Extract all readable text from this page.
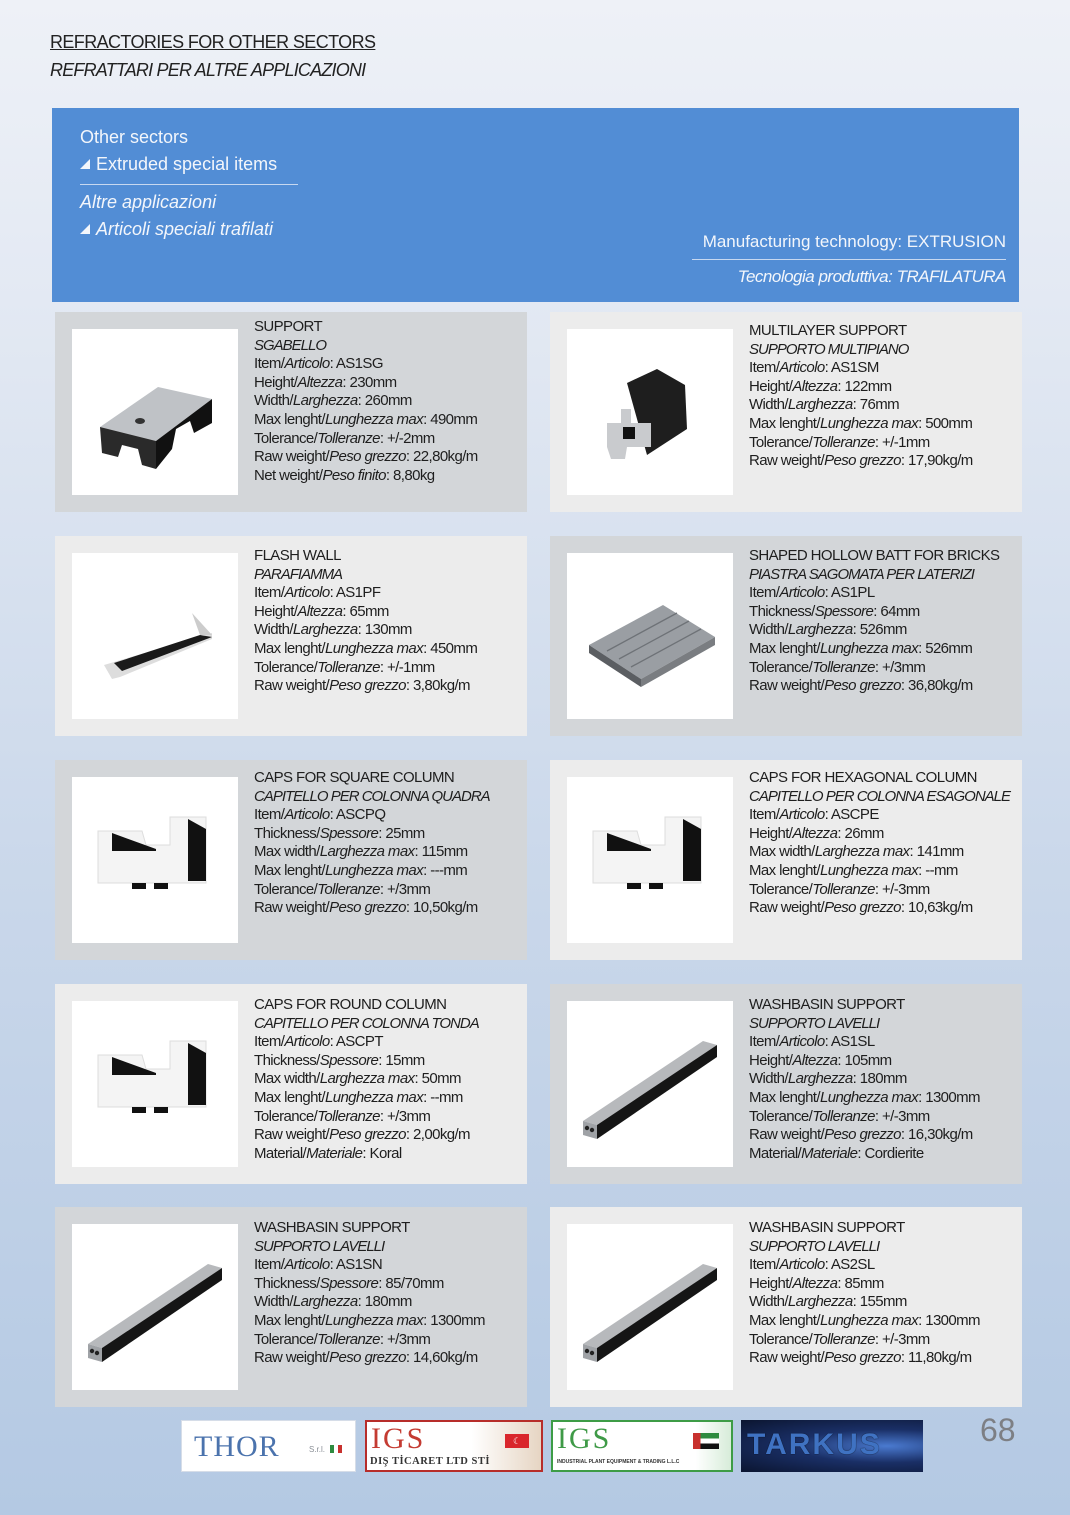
REFRACTORIES FOR OTHER SECTORS
REFRATTARI PER ALTRE APPLICAZIONI
Other sectors
Extruded special items
Altre applicazioni
Articoli speciali trafilati
Manufacturing technology: EXTRUSION
Tecnologia produttiva: TRAFILATURA
SUPPORT
SGABELLO
Item/Articolo: AS1SG
Height/Altezza: 230mm
Width/Larghezza: 260mm
Max lenght/Lunghezza max: 490mm
Tolerance/Tolleranze: +/-2mm
Raw weight/Peso grezzo: 22,80kg/m
Net weight/Peso finito: 8,80kg
MULTILAYER SUPPORT
SUPPORTO MULTIPIANO
Item/Articolo: AS1SM
Height/Altezza: 122mm
Width/Larghezza: 76mm
Max lenght/Lunghezza max: 500mm
Tolerance/Tolleranze: +/-1mm
Raw weight/Peso grezzo: 17,90kg/m
FLASH WALL
PARAFIAMMA
Item/Articolo: AS1PF
Height/Altezza: 65mm
Width/Larghezza: 130mm
Max lenght/Lunghezza max: 450mm
Tolerance/Tolleranze: +/-1mm
Raw weight/Peso grezzo: 3,80kg/m
SHAPED HOLLOW BATT FOR BRICKS
PIASTRA SAGOMATA PER LATERIZI
Item/Articolo: AS1PL
Thickness/Spessore: 64mm
Width/Larghezza: 526mm
Max lenght/Lunghezza max: 526mm
Tolerance/Tolleranze: +/3mm
Raw weight/Peso grezzo: 36,80kg/m
CAPS FOR SQUARE COLUMN
CAPITELLO PER COLONNA QUADRA
Item/Articolo: ASCPQ
Thickness/Spessore: 25mm
Max width/Larghezza max: 115mm
Max lenght/Lunghezza max: ---mm
Tolerance/Tolleranze: +/3mm
Raw weight/Peso grezzo: 10,50kg/m
CAPS FOR HEXAGONAL COLUMN
CAPITELLO PER COLONNA ESAGONALE
Item/Articolo: ASCPE
Height/Altezza: 26mm
Max width/Larghezza max: 141mm
Max lenght/Lunghezza max: --mm
Tolerance/Tolleranze: +/-3mm
Raw weight/Peso grezzo: 10,63kg/m
CAPS FOR ROUND COLUMN
CAPITELLO PER COLONNA TONDA
Item/Articolo: ASCPT
Thickness/Spessore: 15mm
Max width/Larghezza max: 50mm
Max lenght/Lunghezza max: --mm
Tolerance/Tolleranze: +/3mm
Raw weight/Peso grezzo: 2,00kg/m
Material/Materiale: Koral
WASHBASIN SUPPORT
SUPPORTO LAVELLI
Item/Articolo: AS1SL
Height/Altezza: 105mm
Width/Larghezza: 180mm
Max lenght/Lunghezza max: 1300mm
Tolerance/Tolleranze: +/-3mm
Raw weight/Peso grezzo: 16,30kg/m
Material/Materiale: Cordierite
WASHBASIN SUPPORT
SUPPORTO LAVELLI
Item/Articolo: AS1SN
Thickness/Spessore: 85/70mm
Width/Larghezza: 180mm
Max lenght/Lunghezza max: 1300mm
Tolerance/Tolleranze: +/3mm
Raw weight/Peso grezzo: 14,60kg/m
WASHBASIN SUPPORT
SUPPORTO LAVELLI
Item/Articolo: AS2SL
Height/Altezza: 85mm
Width/Larghezza: 155mm
Max lenght/Lunghezza max: 1300mm
Tolerance/Tolleranze: +/-3mm
Raw weight/Peso grezzo: 11,80kg/m
THOR	S.r.l. IGS	☾
DIŞ TİCARET LTD STİ
IGS
INDUSTRIAL PLANT EQUIPMENT & TRADING L.L.C
TARKUS	68
